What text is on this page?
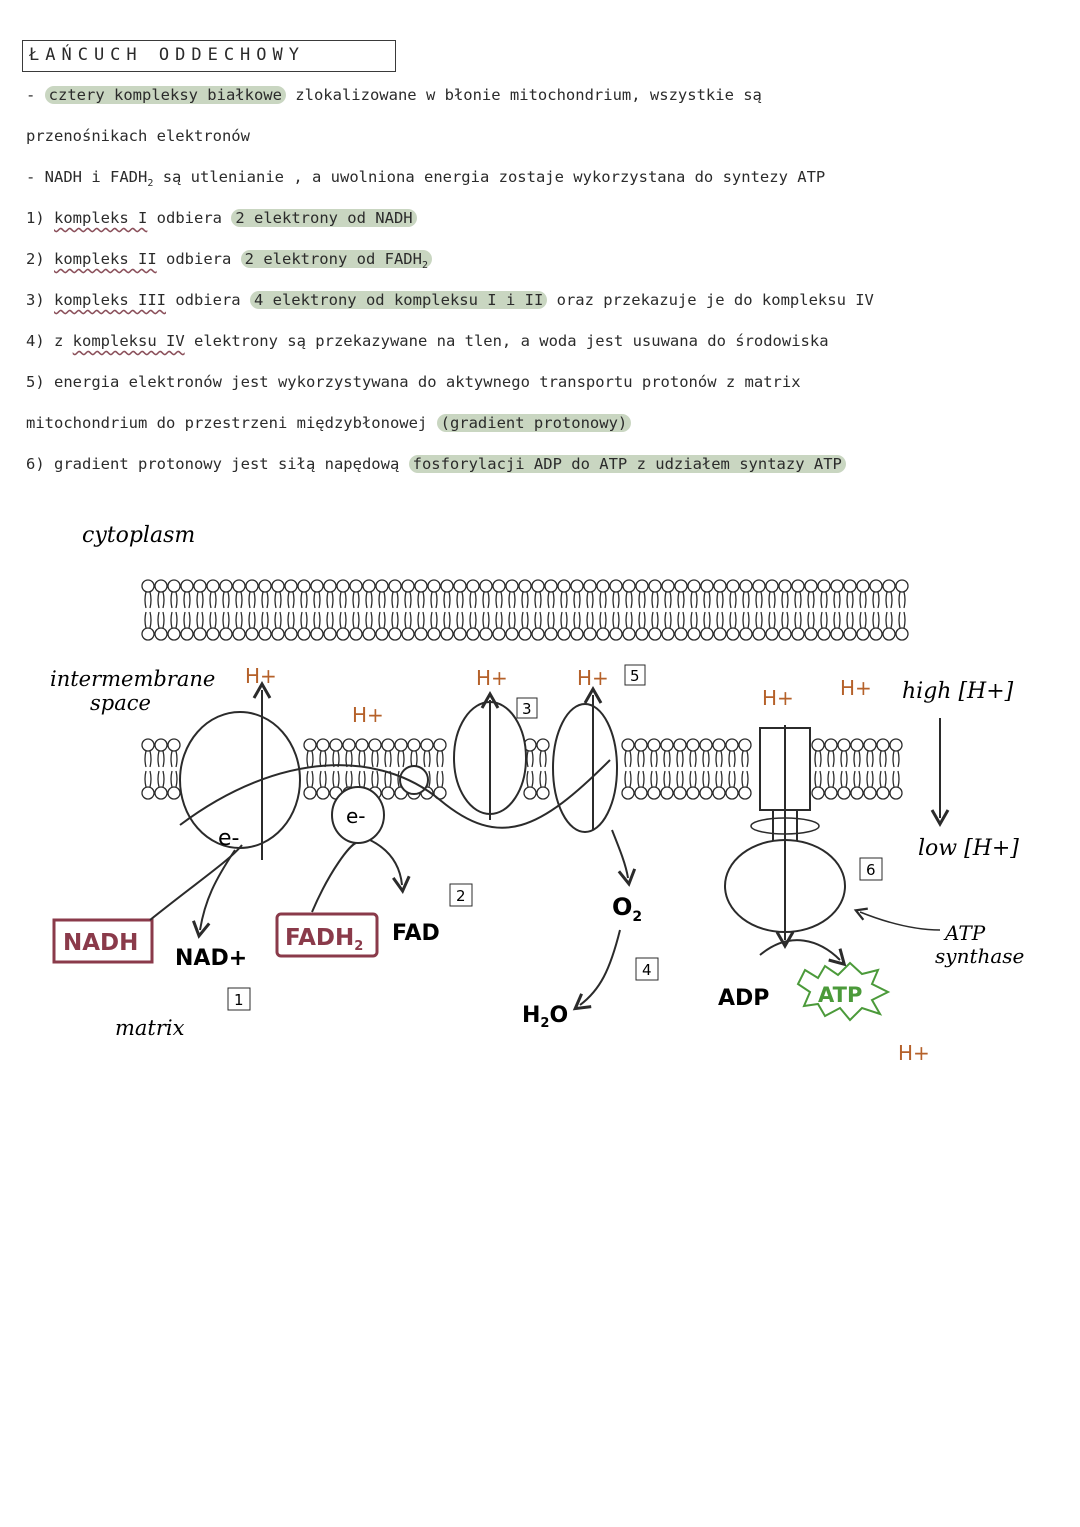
ŁAŃCUCH ODDECHOWY
- cztery kompleksy białkowe zlokalizowane w błonie mitochondrium, wszystkie są
przenośnikach elektronów
- NADH i $FADH_2$ są utlenianie , a uwolniona energia zostaje wykorzystana do syntezy ATP
1) kompleks I odbiera 2 elektrony od NADH
2) kompleks II odbiera 2 elektrony od $FADH_2$
3) kompleks III odbiera 4 elektrony od kompleksu I i II oraz przekazuje je do kompleksu IV
4) z kompleksu IV elektrony są przekazywane na tlen, a woda jest usuwana do środowiska
5) energia elektronów jest wykorzystywana do aktywnego transportu protonów z matrix
mitochondrium do przestrzeni międzybłonowej (gradient protonowy)
6) gradient protonowy jest siłą napędową fosforylacji ADP do ATP z udziałem syntazy ATP
cytoplasm
intermembrane
space
matrix
e-
H+
e-
H+
H+
3
H+ 5
NADH
NAD+
1
$FADH_2$
FAD
2	$O_2$
$H_2O$
4
H+ H+
ADP ATP
6
ATP
synthase
H+
high [H+]
low [H+]
